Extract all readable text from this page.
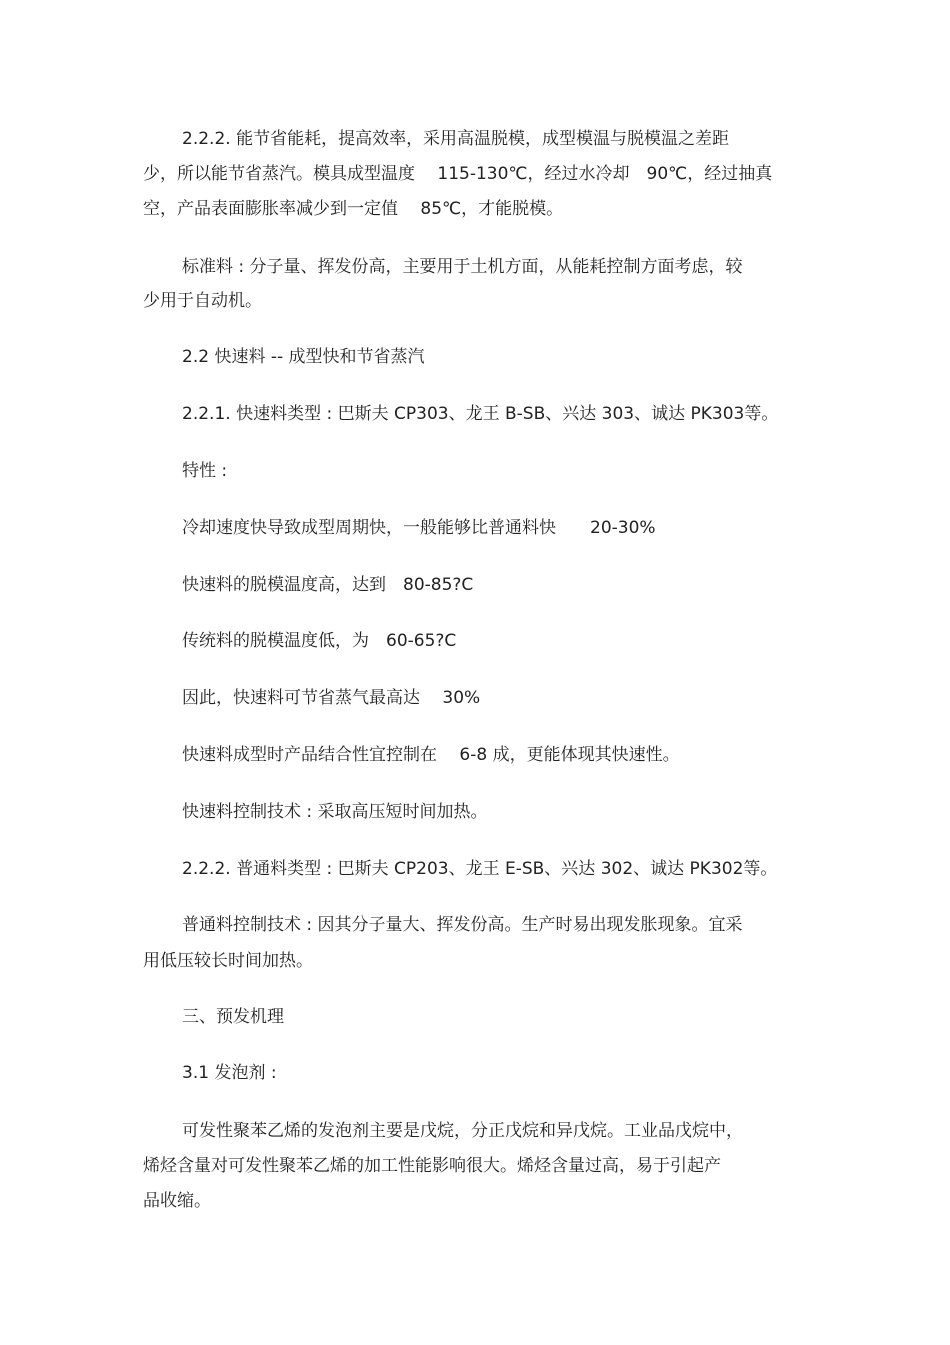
2.2.2. 能节省能耗，提高效率，采用高温脱模，成型模温与脱模温之差距
少，所以能节省蒸汽。模具成型温度　 115-130℃，经过水冷却　90℃，经过抽真
空，产品表面膨胀率减少到一定值　 85℃，才能脱模。
标准料 : 分子量、挥发份高，主要用于土机方面，从能耗控制方面考虑，较
少用于自动机。
2.2 快速料 -- 成型快和节省蒸汽
2.2.1. 快速料类型 : 巴斯夫 CP303、龙王 B-SB、兴达 303、诚达 PK303等。
特性 :
冷却速度快导致成型周期快，一般能够比普通料快　　20-30%
快速料的脱模温度高，达到　80-85?C
传统料的脱模温度低，为　60-65?C
因此，快速料可节省蒸气最高达　 30%
快速料成型时产品结合性宜控制在　 6-8 成，更能体现其快速性。
快速料控制技术 : 采取高压短时间加热。
2.2.2. 普通料类型 : 巴斯夫 CP203、龙王 E-SB、兴达 302、诚达 PK302等。
普通料控制技术 : 因其分子量大、挥发份高。生产时易出现发胀现象。宜采
用低压较长时间加热。
三、预发机理
3.1 发泡剂 :
可发性聚苯乙烯的发泡剂主要是戊烷，分正戊烷和异戊烷。工业品戊烷中，
烯烃含量对可发性聚苯乙烯的加工性能影响很大。烯烃含量过高，易于引起产
品收缩。
